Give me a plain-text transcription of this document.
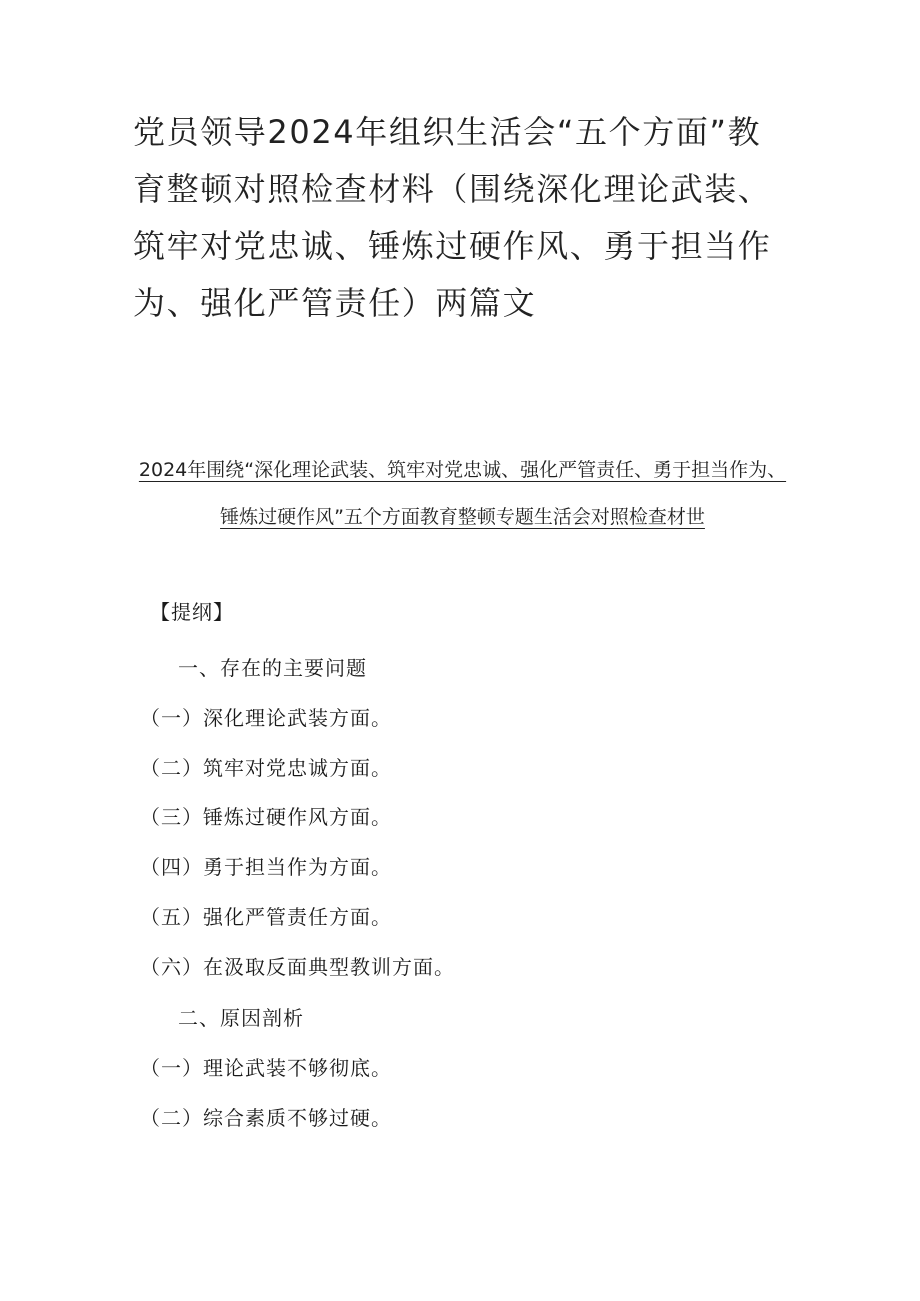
党员领导2024年组织生活会“五个方面”教育整顿对照检查材料（围绕深化理论武装、筑牢对党忠诚、锤炼过硬作风、勇于担当作为、强化严管责任）两篇文

2024年围绕“深化理论武装、筑牢对党忠诚、强化严管责任、勇于担当作为、锤炼过硬作风”五个方面教育整顿专题生活会对照检查材世

【提纲】

一、存在的主要问题

（一）深化理论武装方面。

（二）筑牢对党忠诚方面。

（三）锤炼过硬作风方面。

（四）勇于担当作为方面。

（五）强化严管责任方面。

（六）在汲取反面典型教训方面。

二、原因剖析

（一）理论武装不够彻底。

（二）综合素质不够过硬。
